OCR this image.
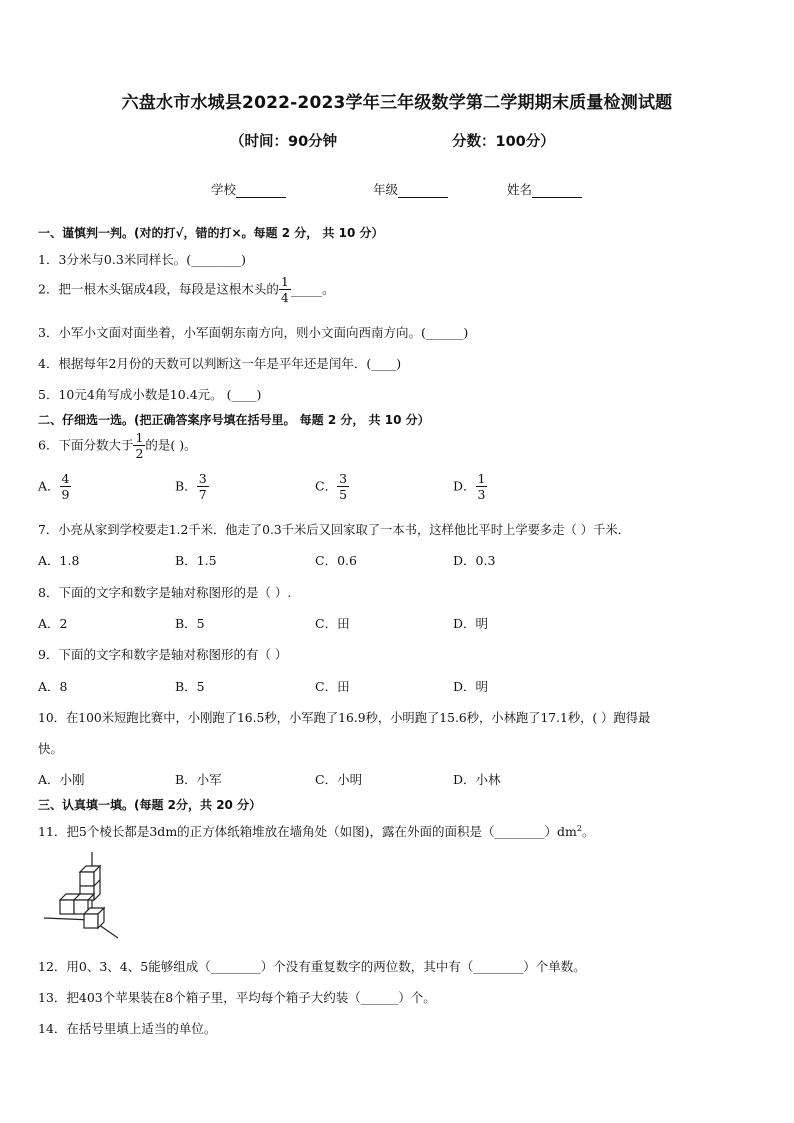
六盘水市水城县2022-2023学年三年级数学第二学期期末质量检测试题
（时间：90分钟	分数：100分）
学校	年级	姓名
一、谨慎判一判。(对的打√，错的打×。每题 2 分， 共 10 分）
1．3分米与0.3米同样长。(________)
2．把一根木头锯成4段，每段是这根木头的 $\frac{1}{4}$ _____。
3．小军小文面对面坐着，小军面朝东南方向，则小文面向西南方向。(______)
4．根据每年2月份的天数可以判断这一年是平年还是闰年．(____)
5．10元4角写成小数是10.4元。 (____)
二、仔细选一选。(把正确答案序号填在括号里。 每题 2 分， 共 10 分）
6．下面分数大于 $\frac{1}{2}$ 的是( )。
A． $\frac{4}{9}$	B． $\frac{3}{7}$	C． $\frac{3}{5}$	D． $\frac{1}{3}$
7．小亮从家到学校要走1.2千米．他走了0.3千米后又回家取了一本书，这样他比平时上学要多走（ ）千米．
A．1.8	B．1.5	C．0.6	D．0.3
8．下面的文字和数字是轴对称图形的是（ ）.
A．2	B．5	C．田	D．明
9．下面的文字和数字是轴对称图形的有（ ）
A．8	B．5	C．田	D．明
10．在100米短跑比赛中，小刚跑了16.5秒，小军跑了16.9秒，小明跑了15.6秒，小林跑了17.1秒，( ）跑得最
快。
A．小刚	B．小军	C．小明	D．小林
三、认真填一填。(每题 2分，共 20 分）
11．把5个棱长都是3dm的正方体纸箱堆放在墙角处（如图)，露在外面的面积是$(\_\_\_\_\_\_\_\_)dm^2$。
12．用0、3、4、5能够组成（________）个没有重复数字的两位数，其中有（________）个单数。
13．把403个苹果装在8个箱子里，平均每个箱子大约装（______）个。
14．在括号里填上适当的单位。
